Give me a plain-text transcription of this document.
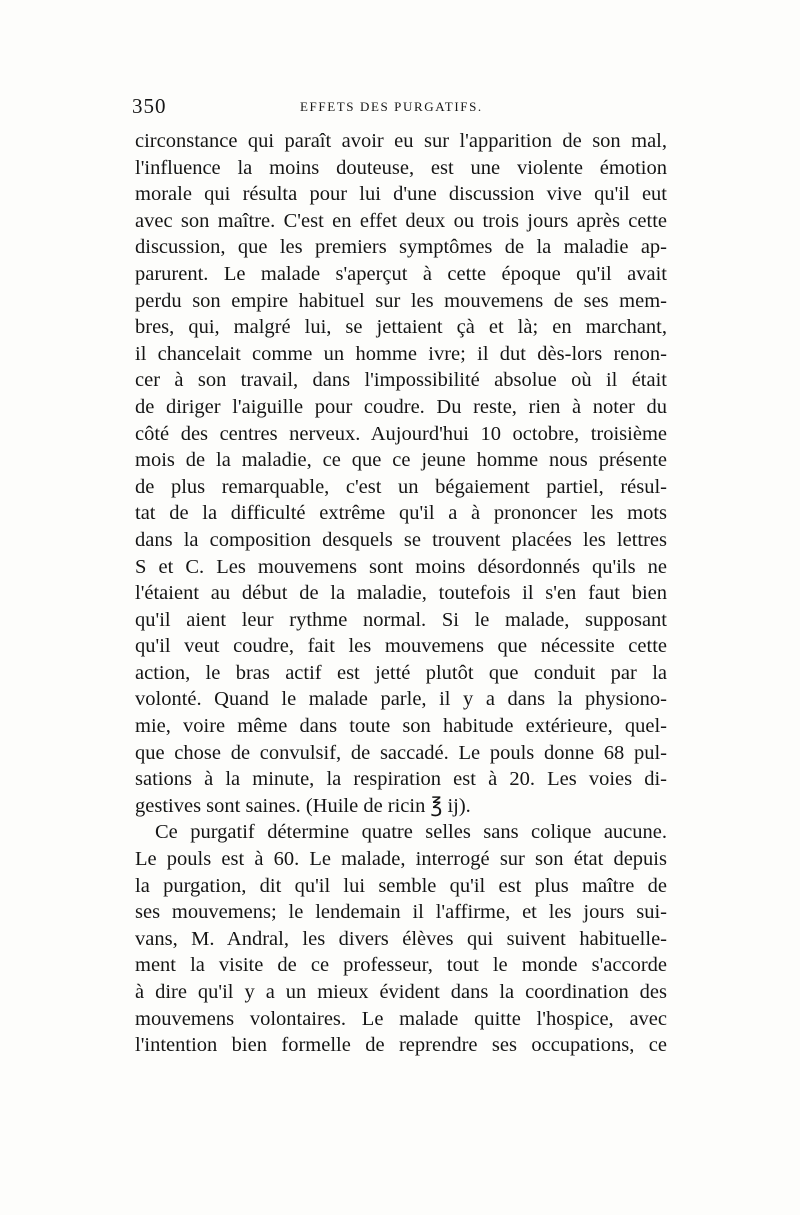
350	EFFETS DES PURGATIFS.
circonstance qui paraît avoir eu sur l'apparition de son mal,
l'influence la moins douteuse, est une violente émotion
morale qui résulta pour lui d'une discussion vive qu'il eut
avec son maître. C'est en effet deux ou trois jours après cette
discussion, que les premiers symptômes de la maladie ap-
parurent. Le malade s'aperçut à cette époque qu'il avait
perdu son empire habituel sur les mouvemens de ses mem-
bres, qui, malgré lui, se jettaient çà et là; en marchant,
il chancelait comme un homme ivre; il dut dès-lors renon-
cer à son travail, dans l'impossibilité absolue où il était
de diriger l'aiguille pour coudre. Du reste, rien à noter du
côté des centres nerveux. Aujourd'hui 10 octobre, troisième
mois de la maladie, ce que ce jeune homme nous présente
de plus remarquable, c'est un bégaiement partiel, résul-
tat de la difficulté extrême qu'il a à prononcer les mots
dans la composition desquels se trouvent placées les lettres
S et C. Les mouvemens sont moins désordonnés qu'ils ne
l'étaient au début de la maladie, toutefois il s'en faut bien
qu'il aient leur rythme normal. Si le malade, supposant
qu'il veut coudre, fait les mouvemens que nécessite cette
action, le bras actif est jetté plutôt que conduit par la
volonté. Quand le malade parle, il y a dans la physiono-
mie, voire même dans toute son habitude extérieure, quel-
que chose de convulsif, de saccadé. Le pouls donne 68 pul-
sations à la minute, la respiration est à 20. Les voies di-
gestives sont saines. (Huile de ricin ℥ ij).
Ce purgatif détermine quatre selles sans colique aucune.
Le pouls est à 60. Le malade, interrogé sur son état depuis
la purgation, dit qu'il lui semble qu'il est plus maître de
ses mouvemens; le lendemain il l'affirme, et les jours sui-
vans, M. Andral, les divers élèves qui suivent habituelle-
ment la visite de ce professeur, tout le monde s'accorde
à dire qu'il y a un mieux évident dans la coordination des
mouvemens volontaires. Le malade quitte l'hospice, avec
l'intention bien formelle de reprendre ses occupations, ce
